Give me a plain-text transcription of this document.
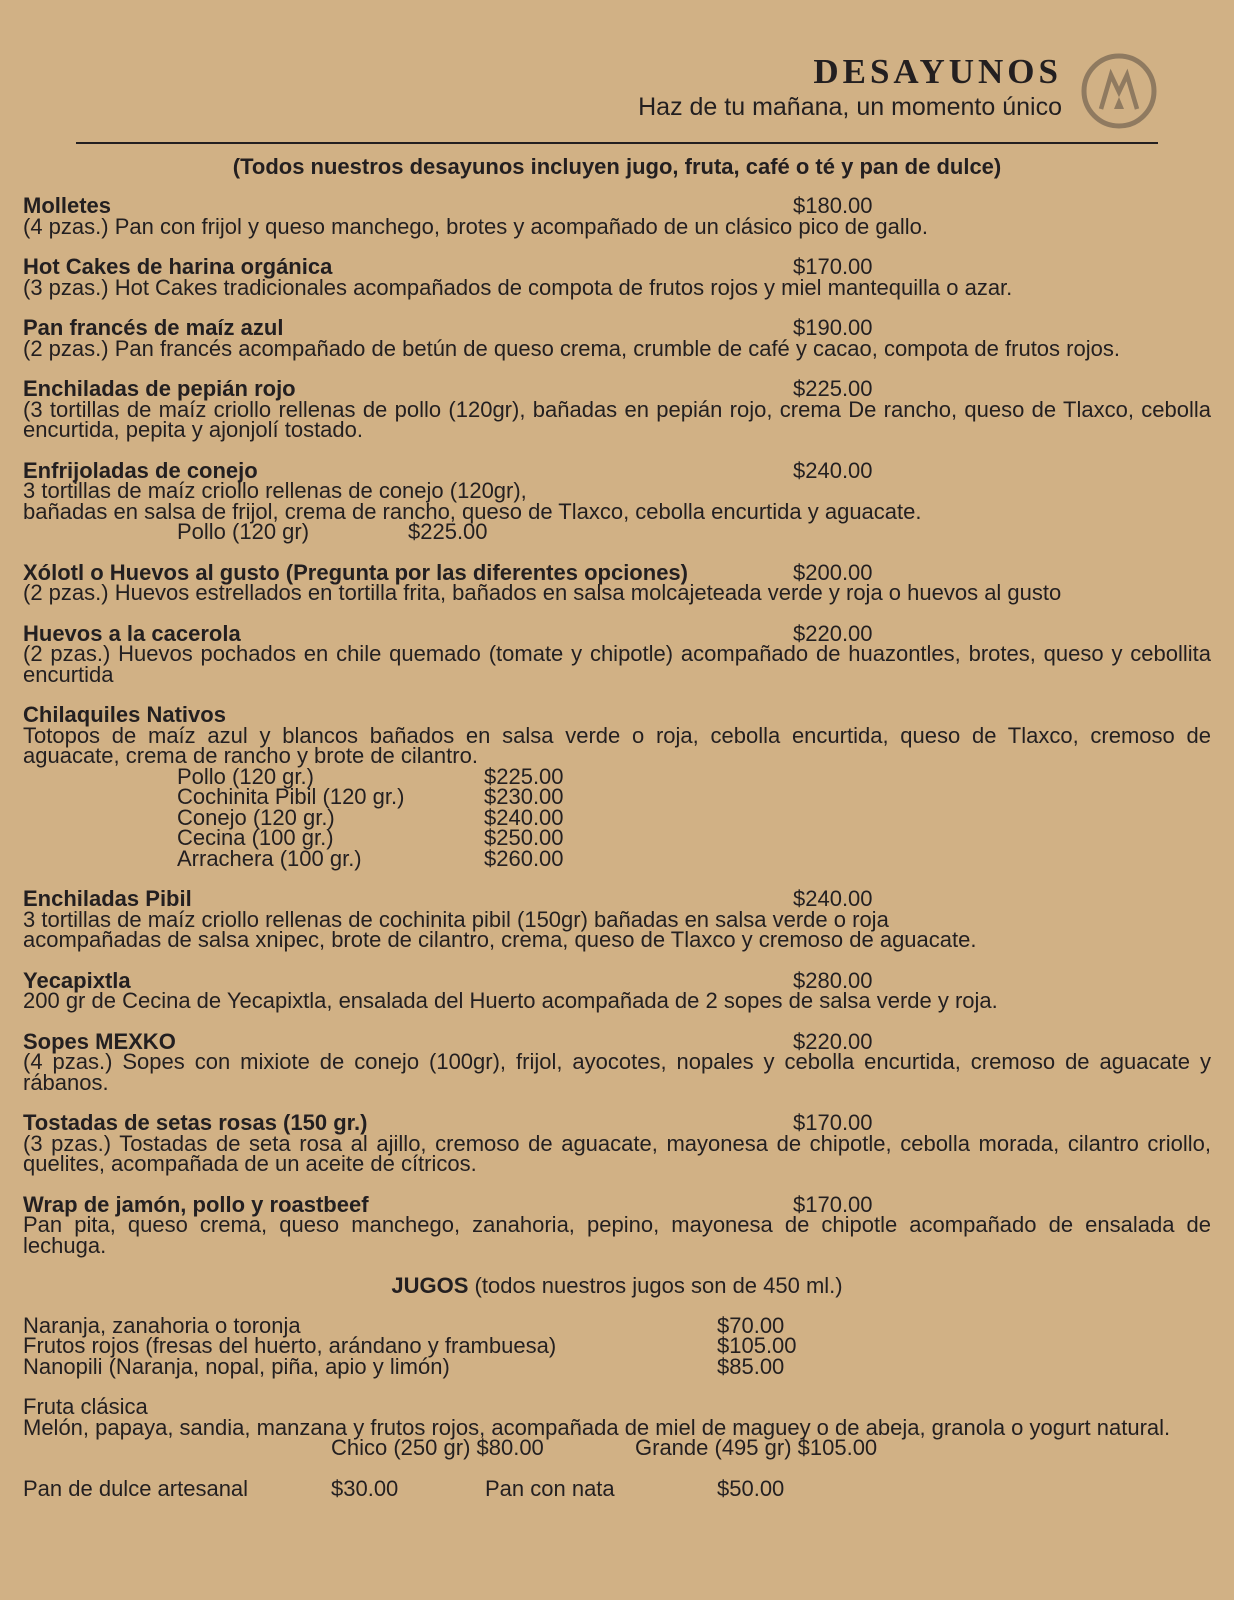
DESAYUNOS
Haz de tu mañana, un momento único
(Todos nuestros desayunos incluyen jugo, fruta, café o té y pan de dulce)
Molletes	$180.00
(4 pzas.) Pan con frijol y queso manchego, brotes y acompañado de un clásico pico de gallo.
Hot Cakes de harina orgánica	$170.00
(3 pzas.) Hot Cakes tradicionales acompañados de compota de frutos rojos y miel mantequilla o azar.
Pan francés de maíz azul	$190.00
(2 pzas.) Pan francés acompañado de betún de queso crema, crumble de café y cacao, compota de frutos rojos.
Enchiladas de pepián rojo	$225.00
(3 tortillas de maíz criollo rellenas de pollo (120gr), bañadas en pepián rojo, crema De rancho, queso de Tlaxco, cebolla encurtida, pepita y ajonjolí tostado.
Enfrijoladas de conejo	$240.00
3 tortillas de maíz criollo rellenas de conejo (120gr),
bañadas en salsa de frijol, crema de rancho, queso de Tlaxco, cebolla encurtida y aguacate.
Pollo (120 gr)	$225.00
Xólotl o Huevos al gusto (Pregunta por las diferentes opciones)	$200.00
(2 pzas.) Huevos estrellados en tortilla frita, bañados en salsa molcajeteada verde y roja o huevos al gusto
Huevos a la cacerola	$220.00
(2 pzas.) Huevos pochados en chile quemado (tomate y chipotle) acompañado de huazontles, brotes, queso y cebollita encurtida
Chilaquiles Nativos
Totopos de maíz azul y blancos bañados en salsa verde o roja, cebolla encurtida, queso de Tlaxco, cremoso de aguacate, crema de rancho y brote de cilantro.
Pollo (120 gr.)	$225.00
Cochinita Pibil (120 gr.)	$230.00
Conejo (120 gr.)	$240.00
Cecina (100 gr.)	$250.00
Arrachera (100 gr.)	$260.00
Enchiladas Pibil	$240.00
3 tortillas de maíz criollo rellenas de cochinita pibil (150gr) bañadas en salsa verde o roja
acompañadas de salsa xnipec, brote de cilantro, crema, queso de Tlaxco y cremoso de aguacate.
Yecapixtla	$280.00
200 gr de Cecina de Yecapixtla, ensalada del Huerto acompañada de 2 sopes de salsa verde y roja.
Sopes MEXKO	$220.00
(4 pzas.) Sopes con mixiote de conejo (100gr), frijol, ayocotes, nopales y cebolla encurtida, cremoso de aguacate y rábanos.
Tostadas de setas rosas (150 gr.)	$170.00
(3 pzas.) Tostadas de seta rosa al ajillo, cremoso de aguacate, mayonesa de chipotle, cebolla morada, cilantro criollo, quelites, acompañada de un aceite de cítricos.
Wrap de jamón, pollo y roastbeef	$170.00
Pan pita, queso crema, queso manchego, zanahoria, pepino, mayonesa de chipotle acompañado de ensalada de lechuga.
JUGOS (todos nuestros jugos son de 450 ml.)
Naranja, zanahoria o toronja	$70.00
Frutos rojos (fresas del huerto, arándano y frambuesa)	$105.00
Nanopili (Naranja, nopal, piña, apio y limón)	$85.00
Fruta clásica
Melón, papaya, sandia, manzana y frutos rojos, acompañada de miel de maguey o de abeja, granola o yogurt natural.
Chico (250 gr) $80.00	Grande (495 gr) $105.00
Pan de dulce artesanal	$30.00	Pan con nata	$50.00
